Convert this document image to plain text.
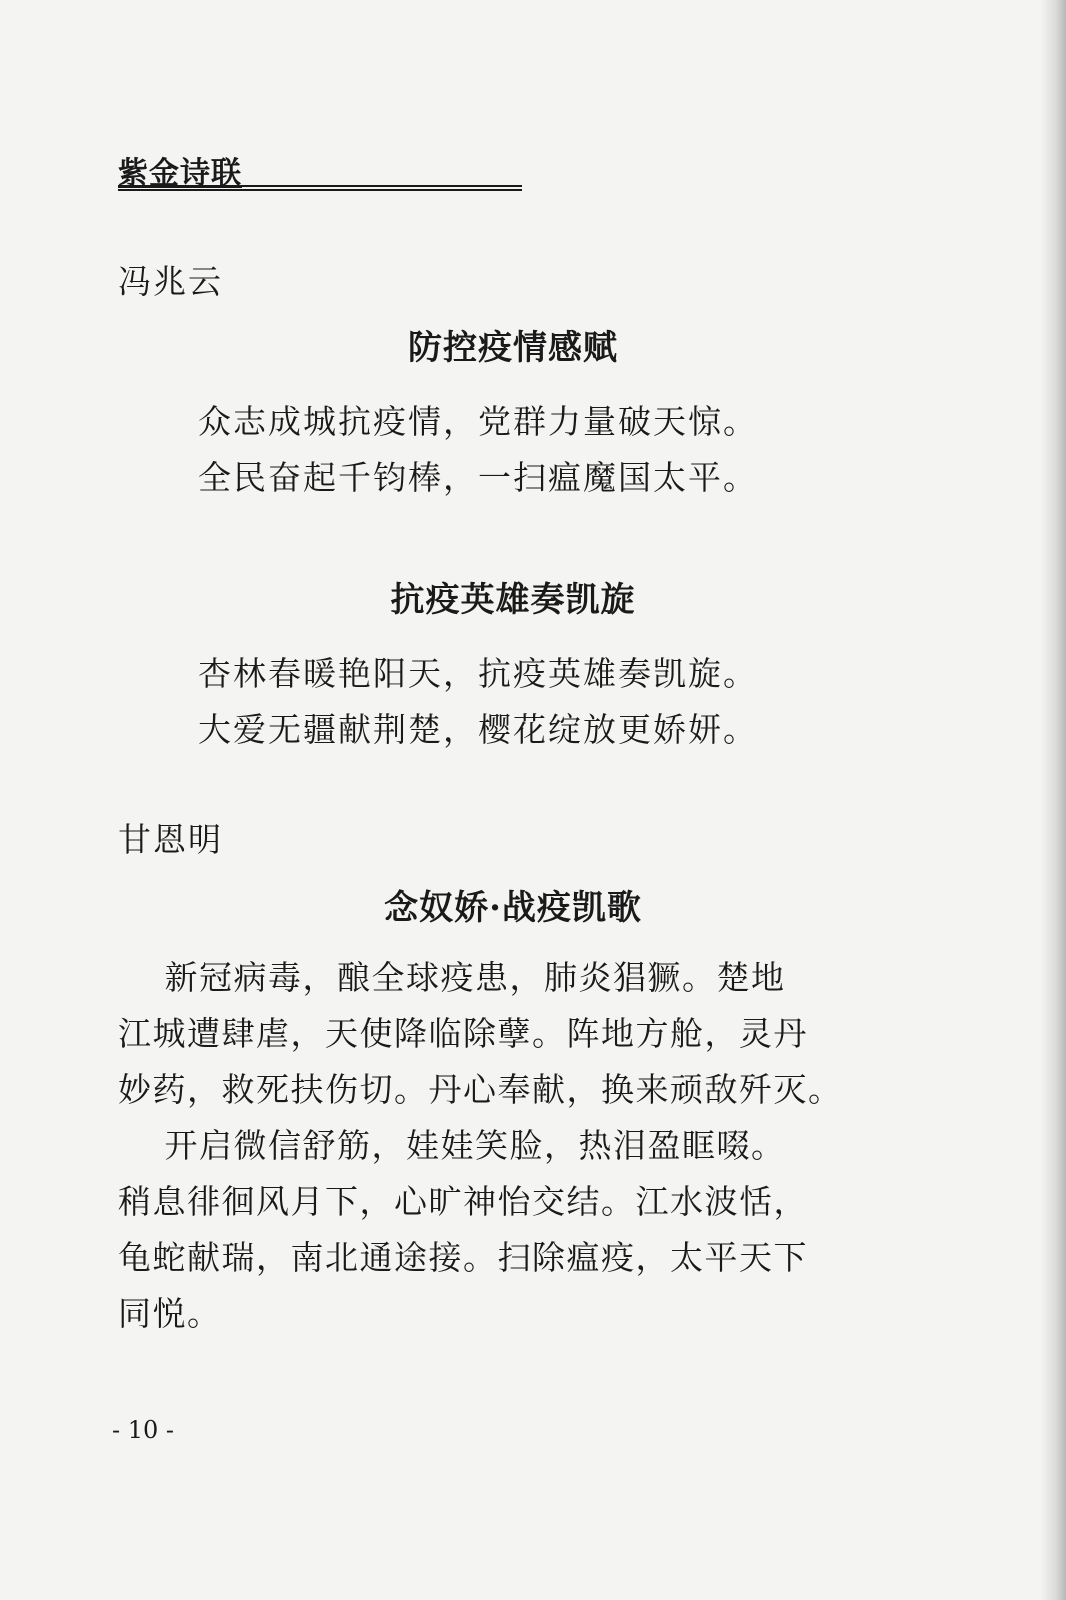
紫金诗联
冯兆云
防控疫情感赋
众志成城抗疫情，党群力量破天惊。
全民奋起千钧棒，一扫瘟魔国太平。
抗疫英雄奏凯旋
杏林春暖艳阳天，抗疫英雄奏凯旋。
大爱无疆献荆楚，樱花绽放更娇妍。
甘恩明
念奴娇·战疫凯歌
　 新冠病毒，酿全球疫患，肺炎猖獗。楚地
江城遭肆虐，天使降临除孽。阵地方舱，灵丹
妙药，救死扶伤切。丹心奉献，换来顽敌歼灭。
　 开启微信舒筋，娃娃笑脸，热泪盈眶啜。
稍息徘徊风月下，心旷神怡交结。江水波恬，
龟蛇献瑞，南北通途接。扫除瘟疫，太平天下
同悦。
- 10 -
